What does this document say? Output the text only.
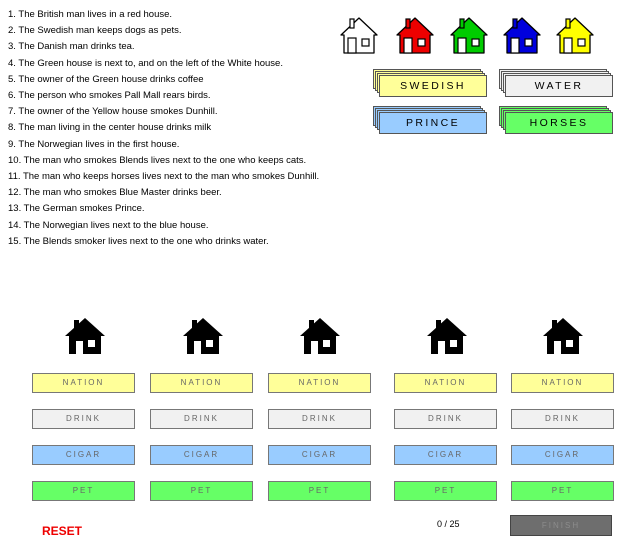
1. The British man lives in a red house.
2. The Swedish man keeps dogs as pets.
3. The Danish man drinks tea.
4. The Green house is next to, and on the left of the White house.
5. The owner of the Green house drinks coffee
6. The person who smokes Pall Mall rears birds.
7. The owner of the Yellow house smokes Dunhill.
8. The man living in the center house drinks milk
9. The Norwegian lives in the first house.
10. The man who smokes Blends lives next to the one who keeps cats.
11. The man who keeps horses lives next to the man who smokes Dunhill.
12. The man who smokes Blue Master drinks beer.
13. The German smokes Prince.
14. The Norwegian lives next to the blue house.
15. The Blends smoker lives next to the one who drinks water.
SWEDISH	WATER
PRINCE	HORSES
NATION
DRINK
CIGAR
PET
NATION
DRINK
CIGAR
PET
NATION
DRINK
CIGAR
PET
NATION
DRINK
CIGAR
PET
NATION
DRINK
CIGAR
PET
RESET	0 / 25	FINISH
